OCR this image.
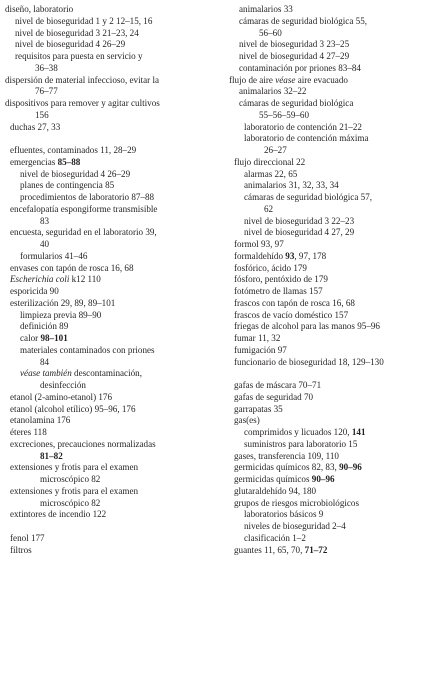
diseño, laboratorio
nivel de bioseguridad 1 y 2 12–15, 16
nivel de bioseguridad 3 21–23, 24
nivel de bioseguridad 4 26–29
requisitos para puesta en servicio y
36–38
dispersión de material infeccioso, evitar la
76–77
dispositivos para remover y agitar cultivos
156
duchas 27, 33
efluentes, contaminados 11, 28–29
emergencias 85–88
nivel de bioseguridad 4 26–29
planes de contingencia 85
procedimientos de laboratorio 87–88
encefalopatía espongiforme transmisible
83
encuesta, seguridad en el laboratorio 39,
40
formularios 41–46
envases con tapón de rosca 16, 68
Escherichia coli k12 110
esporicida 90
esterilización 29, 89, 89–101
limpieza previa 89–90
definición 89
calor 98–101
materiales contaminados con priones
84
véase también descontaminación,
desinfección
etanol (2-amino-etanol) 176
etanol (alcohol etílico) 95–96, 176
etanolamina 176
éteres 118
excreciones, precauciones normalizadas
81–82
extensiones y frotis para el examen
microscópico 82
extensiones y frotis para el examen
microscópico 82
extintores de incendio 122
fenol 177
filtros
animalarios 33
cámaras de seguridad biológica 55,
56–60
nivel de bioseguridad 3 23–25
nivel de bioseguridad 4 27–29
contaminación por priones 83–84
flujo de aire véase aire evacuado
animalarios 32–22
cámaras de seguridad biológica
55–56–59–60
laboratorio de contención 21–22
laboratorio de contención máxima
26–27
flujo direccional 22
alarmas 22, 65
animalarios 31, 32, 33, 34
cámaras de seguridad biológica 57,
62
nivel de bioseguridad 3 22–23
nivel de bioseguridad 4 27, 29
formol 93, 97
formaldehído 93, 97, 178
fosfórico, ácido 179
fósforo, pentóxido de 179
fotómetro de llamas 157
frascos con tapón de rosca 16, 68
frascos de vacío doméstico 157
friegas de alcohol para las manos 95–96
fumar 11, 32
fumigación 97
funcionario de bioseguridad 18, 129–130
gafas de máscara 70–71
gafas de seguridad 70
garrapatas 35
gas(es)
comprimidos y licuados 120, 141
suministros para laboratorio 15
gases, transferencia 109, 110
germicidas químicos 82, 83, 90–96
germicidas químicos 90–96
glutaraldehído 94, 180
grupos de riesgos microbiológicos
laboratorios básicos 9
niveles de bioseguridad 2–4
clasificación 1–2
guantes 11, 65, 70, 71–72
